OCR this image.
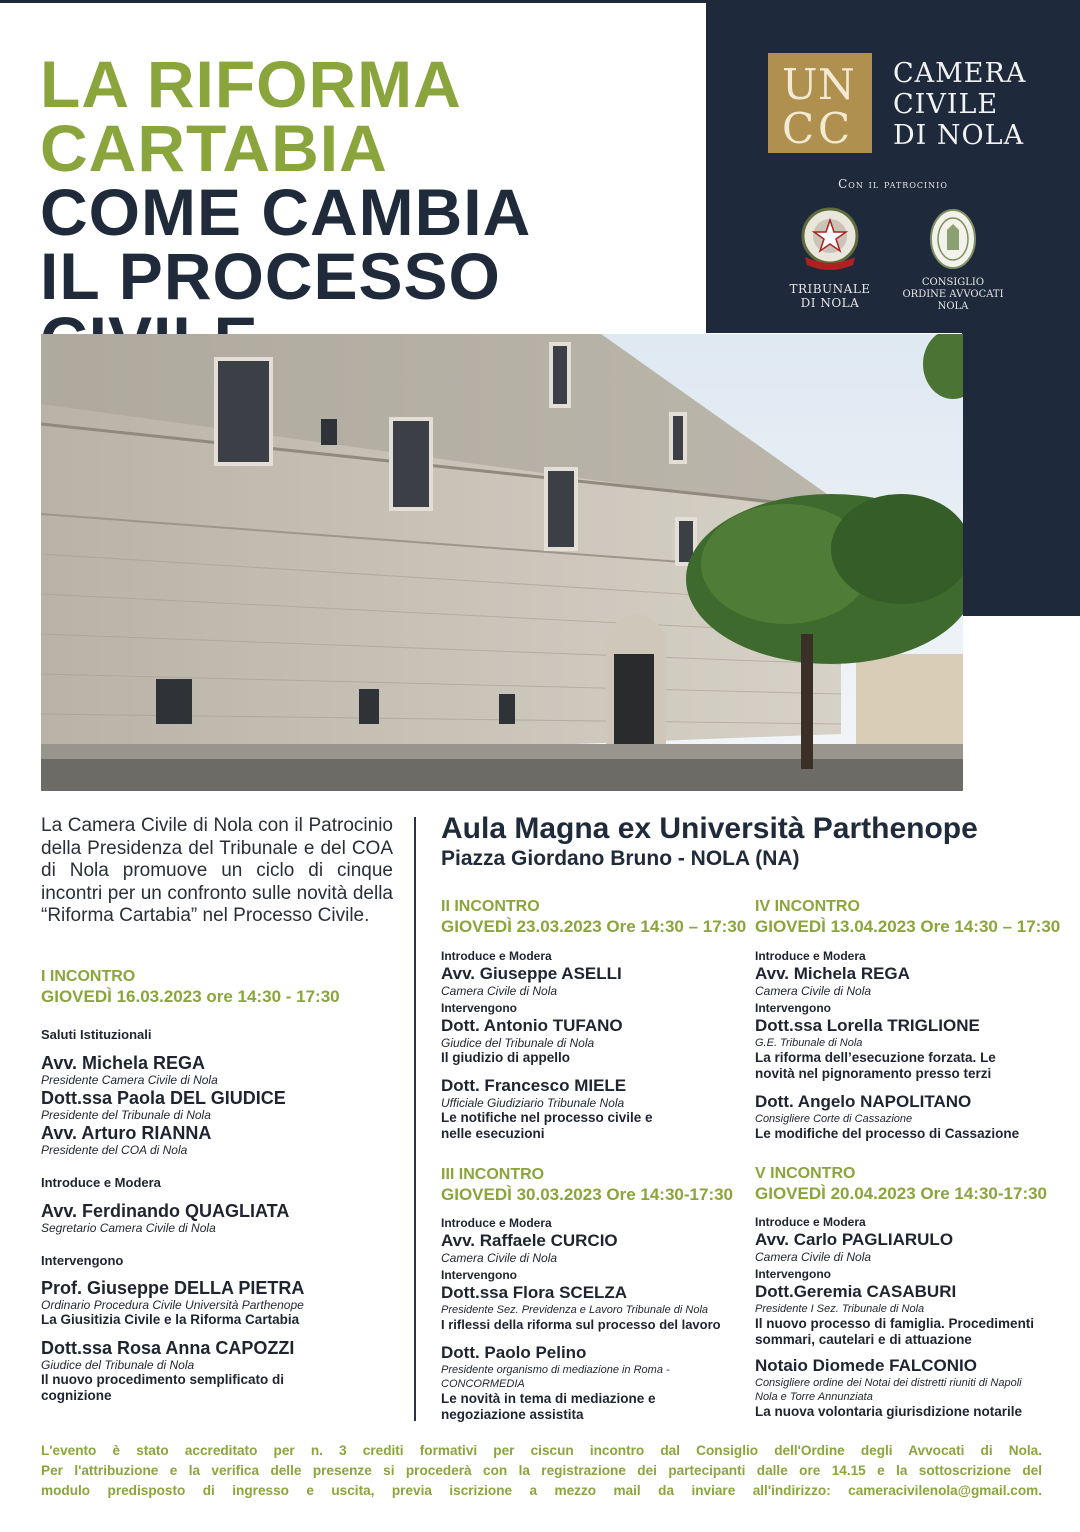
LA RIFORMA
CARTABIA
COME CAMBIA
IL PROCESSO
U N
C C
CAMERA
CIVILE
DI NOLA
Con il patrocinio
TRIBUNALE DI NOLA
CONSIGLIO ORDINE AVVOCATI NOLA
La Camera Civile di Nola con il Patrocinio della Presidenza del Tribunale e del COA di Nola promuove un ciclo di cinque incontri per un confronto sulle novità della “Riforma Cartabia” nel Processo Civile.
Aula Magna ex Università Parthenope
Piazza Giordano Bruno - NOLA (NA)
I INCONTRO
GIOVEDÌ 16.03.2023 ore 14:30 - 17:30
Saluti Istituzionali
Avv. Michela REGA
Presidente Camera Civile di Nola
Dott.ssa Paola DEL GIUDICE
Presidente del Tribunale di Nola
Avv. Arturo RIANNA
Presidente del COA di Nola
Introduce e Modera
Avv. Ferdinando QUAGLIATA
Segretario Camera Civile di Nola
Intervengono
Prof. Giuseppe DELLA PIETRA
Ordinario Procedura Civile Università Parthenope
La Giusitizia Civile e la Riforma Cartabia
Dott.ssa Rosa Anna CAPOZZI
Giudice del Tribunale di Nola
Il nuovo procedimento semplificato di cognizione
II INCONTRO
GIOVEDÌ 23.03.2023 Ore 14:30 – 17:30
Introduce e Modera
Avv. Giuseppe ASELLI
Camera Civile di Nola
Intervengono
Dott. Antonio TUFANO
Giudice del Tribunale di Nola
Il giudizio di appello
Dott. Francesco MIELE
Ufficiale Giudiziario Tribunale Nola
Le notifiche nel processo civile e nelle esecuzioni
III INCONTRO
GIOVEDÌ 30.03.2023 Ore 14:30-17:30
Introduce e Modera
Avv. Raffaele CURCIO
Camera Civile di Nola
Intervengono
Dott.ssa Flora SCELZA
Presidente Sez. Previdenza e Lavoro Tribunale di Nola
I riflessi della riforma sul processo del lavoro
Dott. Paolo Pelino
Presidente organismo di mediazione in Roma - CONCORMEDIA
Le novità in tema di mediazione e negoziazione assistita
IV INCONTRO
GIOVEDÌ 13.04.2023 Ore 14:30 – 17:30
Introduce e Modera
Avv. Michela REGA
Camera Civile di Nola
Intervengono
Dott.ssa Lorella TRIGLIONE
G.E. Tribunale di Nola
La riforma dell’esecuzione forzata. Le novità nel pignoramento presso terzi
Dott. Angelo NAPOLITANO
Consigliere Corte di Cassazione
Le modifiche del processo di Cassazione
V INCONTRO
GIOVEDÌ 20.04.2023 Ore 14:30-17:30
Introduce e Modera
Avv. Carlo PAGLIARULO
Camera Civile di Nola
Intervengono
Dott.Geremia CASABURI
Presidente I Sez. Tribunale di Nola
Il nuovo processo di famiglia. Procedimenti sommari, cautelari e di attuazione
Notaio Diomede FALCONIO
Consigliere ordine dei Notai dei distretti riuniti di Napoli Nola e Torre Annunziata
La nuova volontaria giurisdizione notarile
L'evento è stato accreditato per n. 3 crediti formativi per ciscun incontro dal Consiglio dell'Ordine degli Avvocati di Nola.
Per l'attribuzione e la verifica delle presenze si procederà con la registrazione dei partecipanti dalle ore 14.15 e la sottoscrizione del
modulo predisposto di ingresso e uscita, previa iscrizione a mezzo mail da inviare all'indirizzo: cameracivilenola@gmail.com.
